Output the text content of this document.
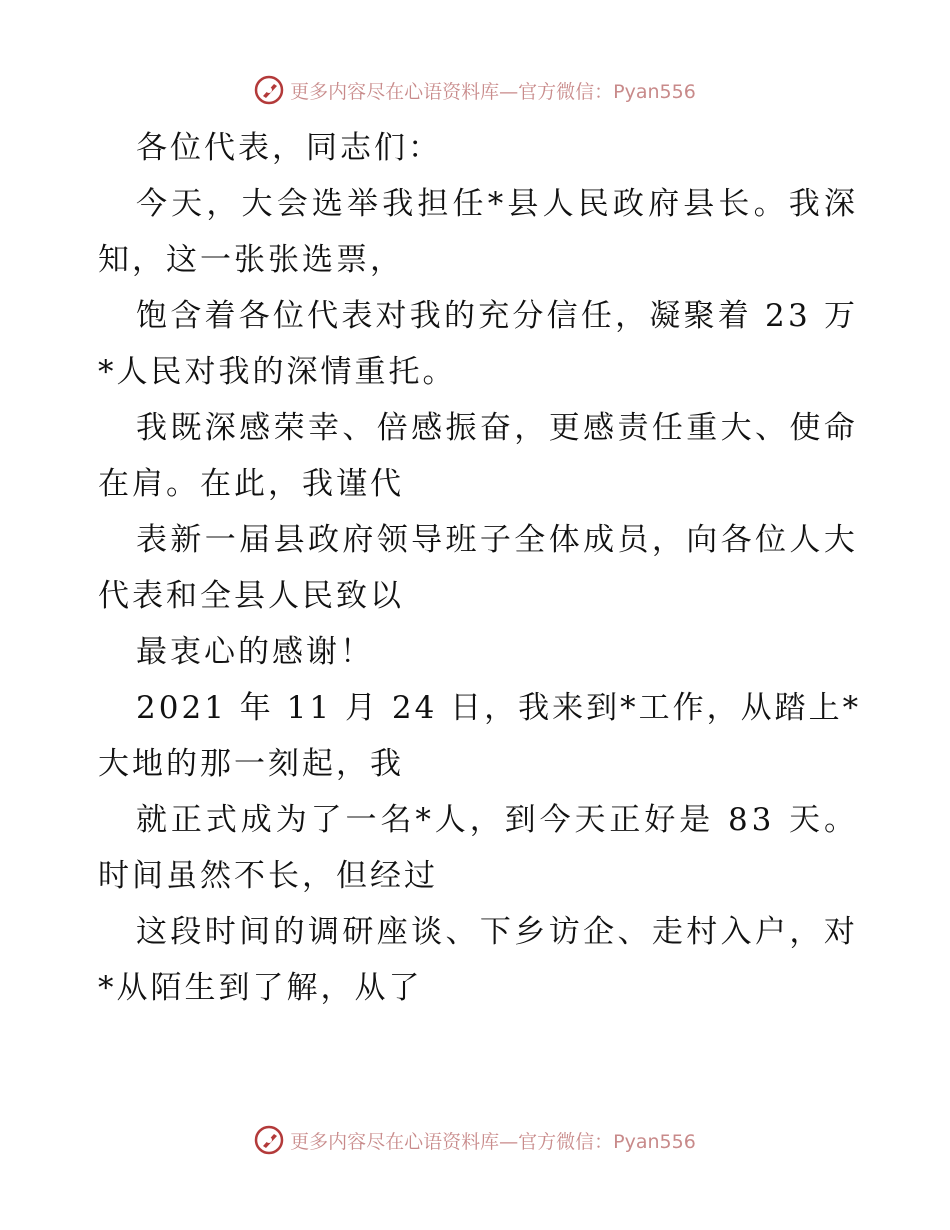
更多内容尽在心语资料库—官方微信：Pyan556
各位代表，同志们：
今 天 ， 大 会 选 举 我 担 任 * 县 人 民 政 府 县 长 。 我 深
知，这一张张选票，
饱 含 着 各 位 代 表 对 我 的 充 分 信 任 ， 凝 聚 着
2 3
万
*人民对我的深情重托。
我 既 深 感 荣 幸 、 倍 感 振 奋 ， 更 感 责 任 重 大 、 使 命
在肩。在此，我谨代
表 新 一 届 县 政 府 领 导 班 子 全 体 成 员 ， 向 各 位 人 大
代表和全县人民致以
最衷心的感谢！
2 0 2 1
年
1 1
月
2 4
日 ， 我 来 到 * 工 作 ， 从 踏 上 *
大地的那一刻起，我
就 正 式 成 为 了 一 名 * 人 ， 到 今 天 正 好 是
8 3
天 。
时间虽然不长，但经过
这 段 时 间 的 调 研 座 谈 、 下 乡 访 企 、 走 村 入 户 ， 对
*从陌生到了解，从了
更多内容尽在心语资料库—官方微信：Pyan556
